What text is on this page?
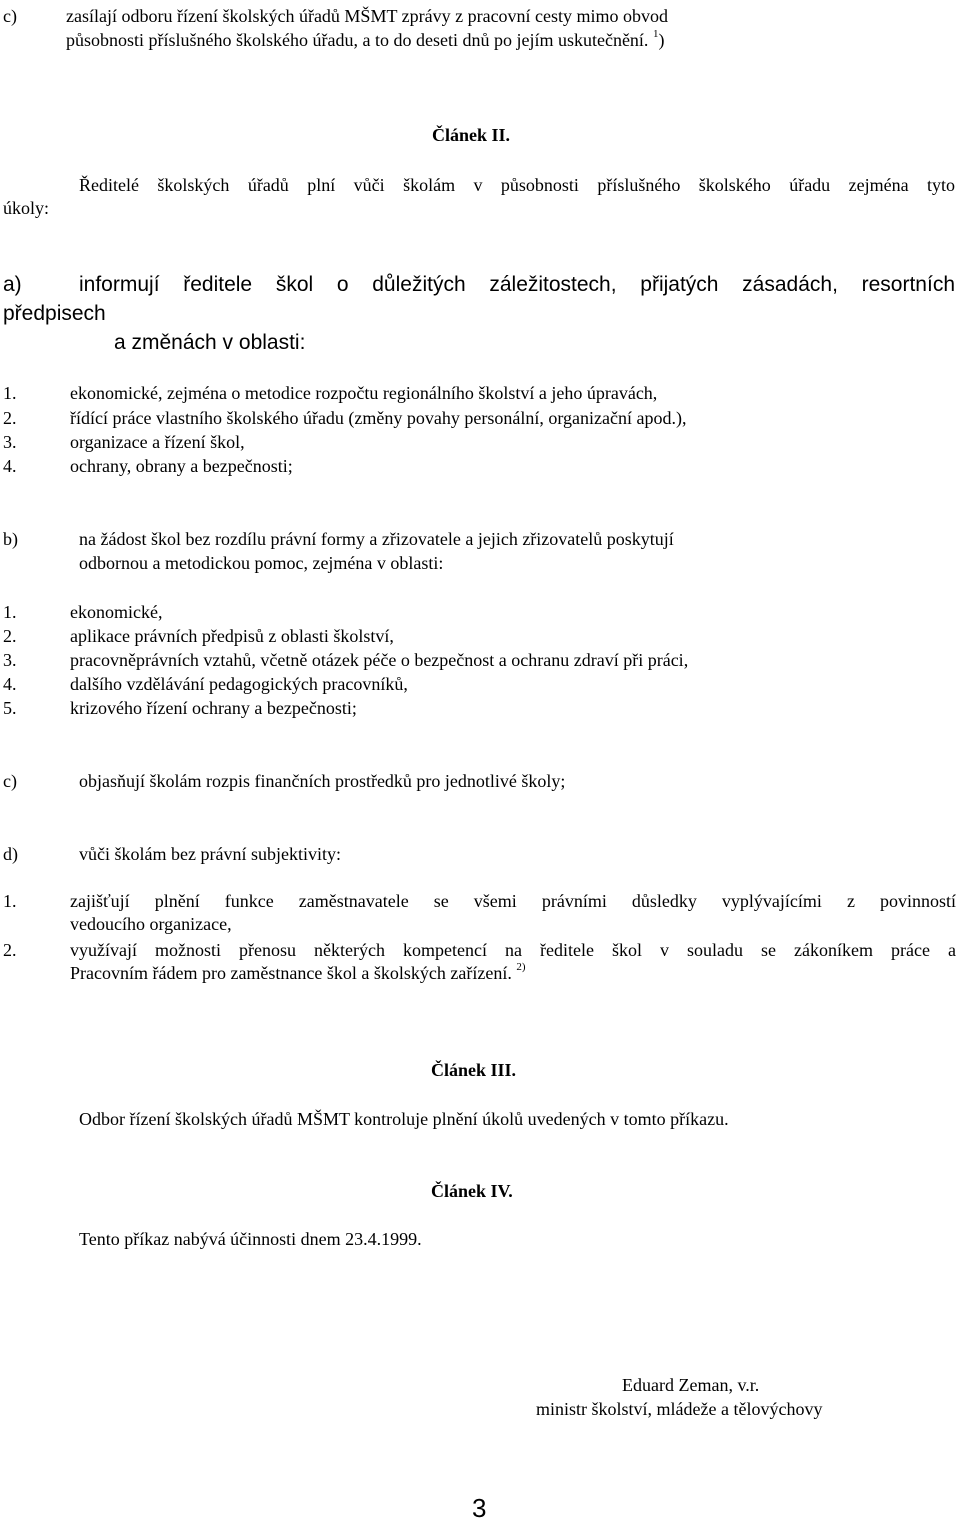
c)	zasílají odboru řízení školských úřadů MŠMT zprávy z pracovní cesty mimo obvod
působnosti příslušného školského úřadu, a to do deseti dnů po jejím uskutečnění. $^1$)
Článek II.
Ředitelé školských úřadů plní vůči školám v působnosti příslušného školského úřadu zejména tyto
úkoly:
a)	informují ředitele škol o důležitých záležitostech, přijatých zásadách, resortních
předpisech
a změnách v oblasti:
1.	ekonomické, zejména o metodice rozpočtu regionálního školství a jeho úpravách,
2.	řídící práce vlastního školského úřadu (změny povahy personální, organizační apod.),
3.	organizace a řízení škol,
4.	ochrany, obrany a bezpečnosti;
b)	na žádost škol bez rozdílu právní formy a zřizovatele a jejich zřizovatelů poskytují
odbornou a metodickou pomoc, zejména v oblasti:
1.	ekonomické,
2.	aplikace právních předpisů z oblasti školství,
3.	pracovněprávních vztahů, včetně otázek péče o bezpečnost a ochranu zdraví při práci,
4.	dalšího vzdělávání pedagogických pracovníků,
5.	krizového řízení ochrany a bezpečnosti;
c)	objasňují školám rozpis finančních prostředků pro jednotlivé školy;
d)	vůči školám bez právní subjektivity:
1.	zajišťují plnění funkce zaměstnavatele se všemi právními důsledky vyplývajícími z povinností
vedoucího organizace,
2.	využívají možnosti přenosu některých kompetencí na ředitele škol v souladu se zákoníkem práce a
Pracovním řádem pro zaměstnance škol a školských zařízení. $^{2)}$
Článek III.
Odbor řízení školských úřadů MŠMT kontroluje plnění úkolů uvedených v tomto příkazu.
Článek IV.
Tento příkaz nabývá účinnosti dnem 23.4.1999.
Eduard Zeman, v.r.
ministr školství, mládeže a tělovýchovy
3
